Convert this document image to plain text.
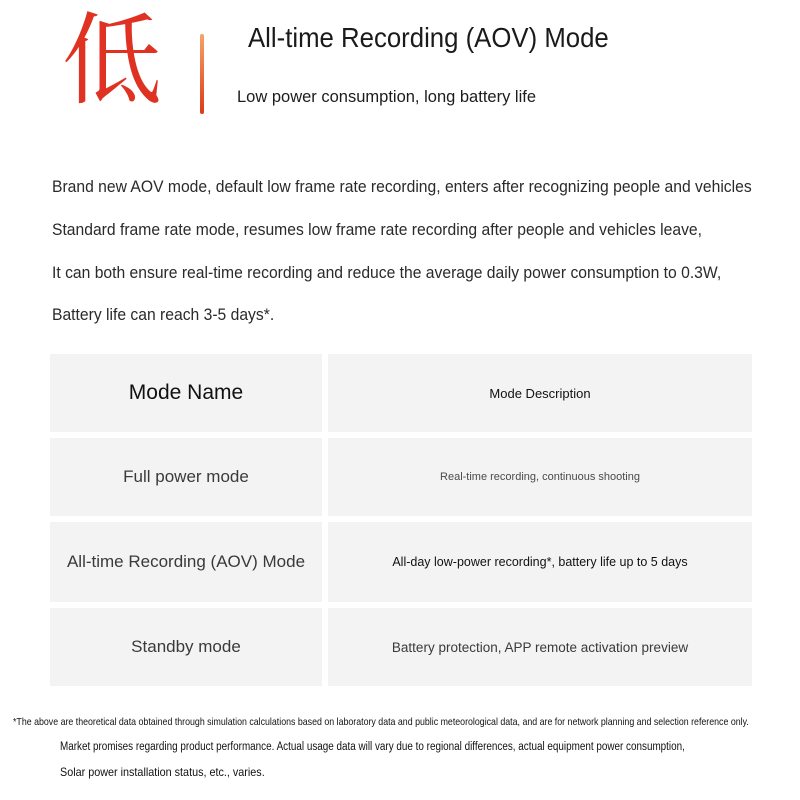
低	All-time Recording (AOV) Mode
Low power consumption, long battery life
Brand new AOV mode, default low frame rate recording, enters after recognizing people and vehicles
Standard frame rate mode, resumes low frame rate recording after people and vehicles leave,
It can both ensure real-time recording and reduce the average daily power consumption to 0.3W,
Battery life can reach 3-5 days*.
Mode Name	Mode Description
Full power mode	Real-time recording, continuous shooting
All-time Recording (AOV) Mode	All-day low-power recording*, battery life up to 5 days
Standby mode	Battery protection, APP remote activation preview
*The above are theoretical data obtained through simulation calculations based on laboratory data and public meteorological data, and are for network planning and selection reference only.
Market promises regarding product performance. Actual usage data will vary due to regional differences, actual equipment power consumption,
Solar power installation status, etc., varies.
